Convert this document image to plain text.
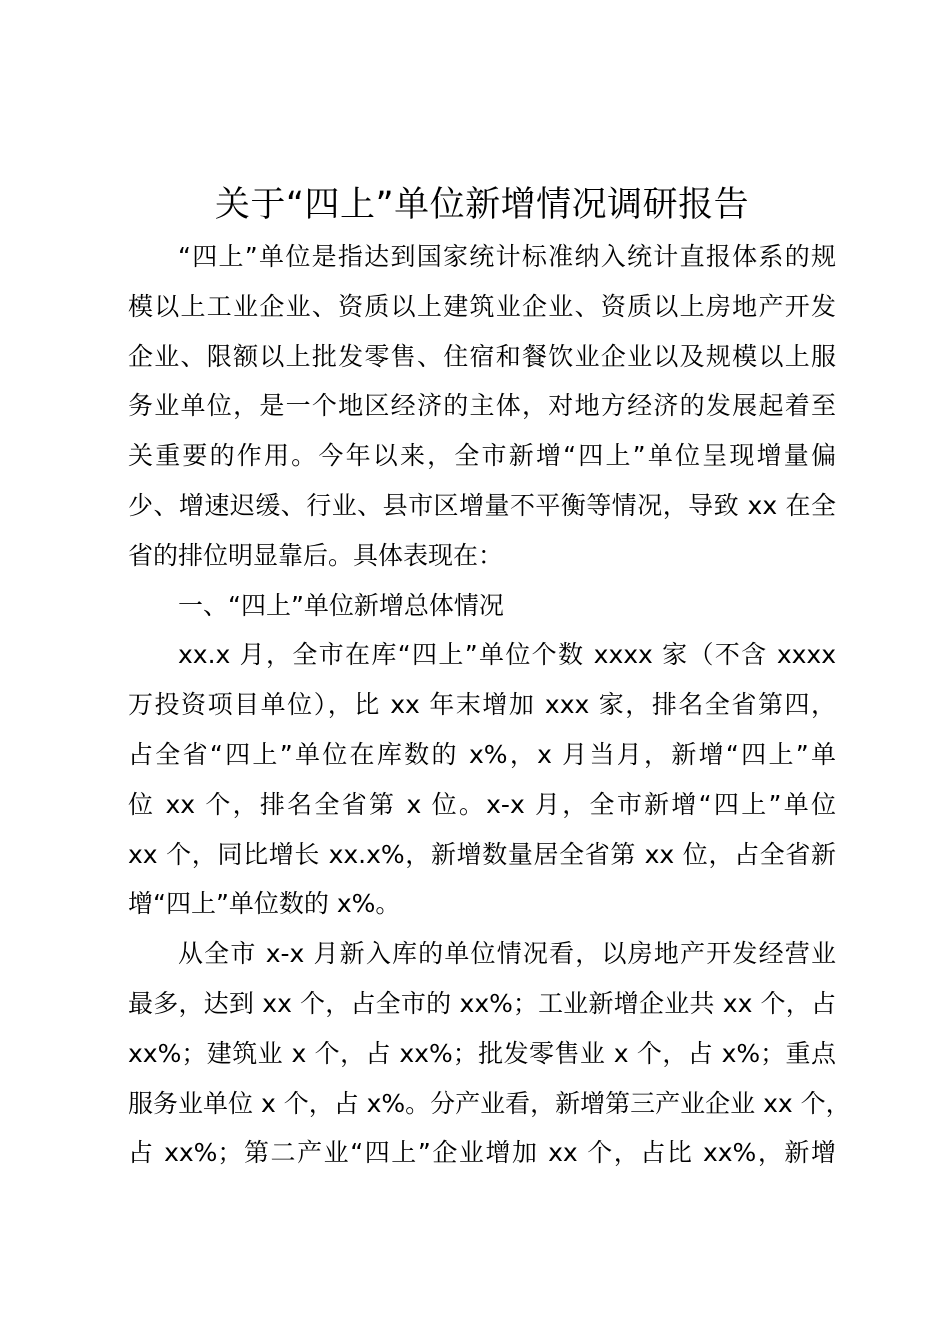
关于“四上”单位新增情况调研报告
“四上”单位是指达到国家统计标准纳入统计直报体系的规
模以上工业企业、资质以上建筑业企业、资质以上房地产开发
企业、限额以上批发零售、住宿和餐饮业企业以及规模以上服
务业单位，是一个地区经济的主体，对地方经济的发展起着至
关重要的作用。今年以来，全市新增“四上”单位呈现增量偏
少、增速迟缓、行业、县市区增量不平衡等情况，导致 xx 在全
省的排位明显靠后。具体表现在：
一、“四上”单位新增总体情况
xx.x 月，全市在库“四上”单位个数 xxxx 家（不含 xxxx
万投资项目单位），比 xx 年末增加 xxx 家，排名全省第四，
占全省“四上”单位在库数的 x%，x 月当月，新增“四上”单
位 xx 个，排名全省第 x 位。x-x 月，全市新增“四上”单位
xx 个，同比增长 xx.x%，新增数量居全省第 xx 位，占全省新
增“四上”单位数的 x%。
从全市 x-x 月新入库的单位情况看，以房地产开发经营业
最多，达到 xx 个，占全市的 xx%；工业新增企业共 xx 个，占
xx%；建筑业 x 个，占 xx%；批发零售业 x 个，占 x%；重点
服务业单位 x 个，占 x%。分产业看，新增第三产业企业 xx 个，
占 xx%；第二产业“四上”企业增加 xx 个，占比 xx%，新增
